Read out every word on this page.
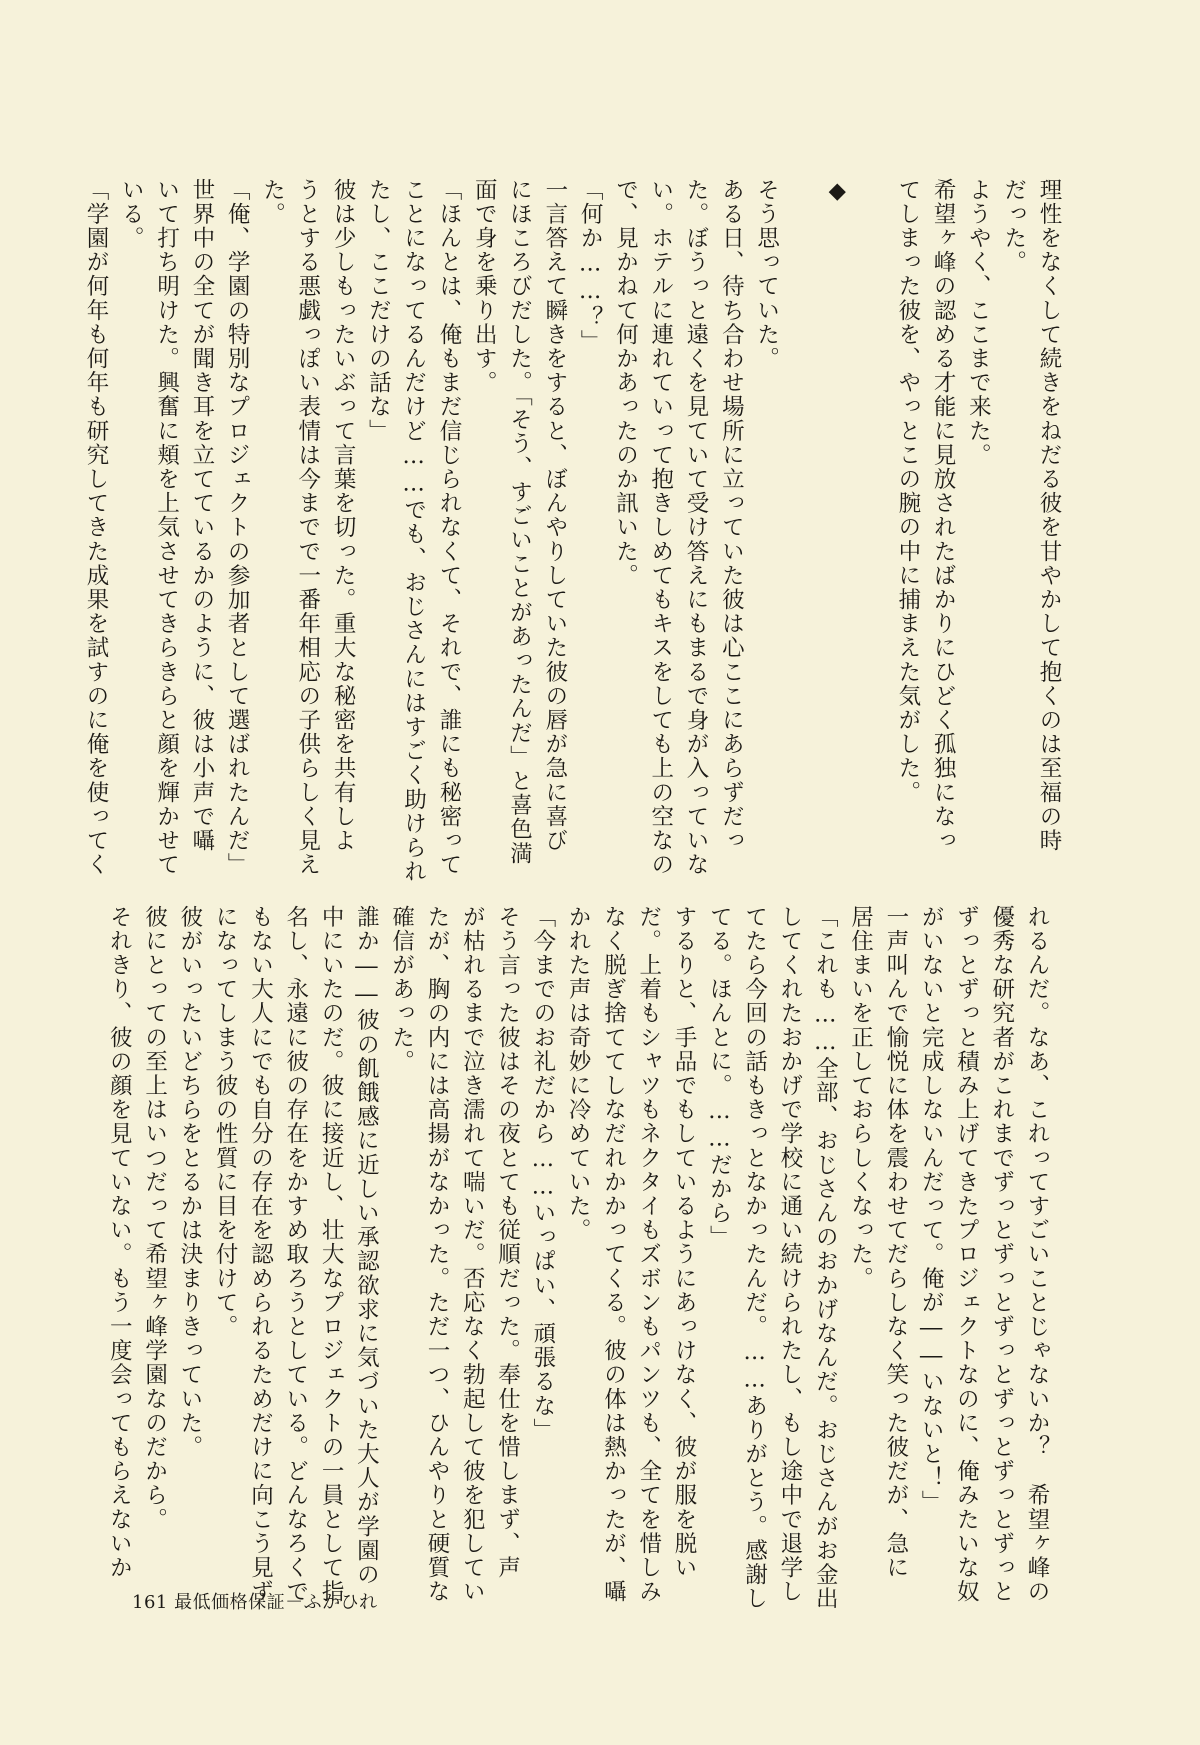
理性をなくして続きをねだる彼を甘やかして抱くのは至福の時
だった。
ようやく、ここまで来た。
希望ヶ峰の認める才能に見放されたばかりにひどく孤独になっ
てしまった彼を、やっとこの腕の中に捕まえた気がした。

◆

そう思っていた。
ある日、待ち合わせ場所に立っていた彼は心ここにあらずだっ
た。ぼうっと遠くを見ていて受け答えにもまるで身が入っていな
い。ホテルに連れていって抱きしめてもキスをしても上の空なの
で、見かねて何かあったのか訊いた。
「何か……？」
一言答えて瞬きをすると、ぼんやりしていた彼の唇が急に喜び
にほころびだした。「そう、すごいことがあったんだ」と喜色満
面で身を乗り出す。
「ほんとは、俺もまだ信じられなくて、それで、誰にも秘密って
ことになってるんだけど……でも、おじさんにはすごく助けられ
たし、ここだけの話な」
彼は少しもったいぶって言葉を切った。重大な秘密を共有しよ
うとする悪戯っぽい表情は今までで一番年相応の子供らしく見え
た。
「俺、学園の特別なプロジェクトの参加者として選ばれたんだ」
世界中の全てが聞き耳を立てているかのように、彼は小声で囁
いて打ち明けた。興奮に頬を上気させてきらきらと顔を輝かせて
いる。
「学園が何年も何年も研究してきた成果を試すのに俺を使ってく
れるんだ。なあ、これってすごいことじゃないか？　希望ヶ峰の
優秀な研究者がこれまでずっとずっとずっとずっとずっとずっと
ずっとずっと積み上げてきたプロジェクトなのに、俺みたいな奴
がいないと完成しないんだって。俺が――いないと！」
一声叫んで愉悦に体を震わせてだらしなく笑った彼だが、急に
居住まいを正しておらしくなった。
「これも……全部、おじさんのおかげなんだ。おじさんがお金出
してくれたおかげで学校に通い続けられたし、もし途中で退学し
てたら今回の話もきっとなかったんだ。……ありがとう。感謝し
てる。ほんとに。……だから」
するりと、手品でもしているようにあっけなく、彼が服を脱い
だ。上着もシャツもネクタイもズボンもパンツも、全てを惜しみ
なく脱ぎ捨ててしなだれかかってくる。彼の体は熱かったが、囁
かれた声は奇妙に冷めていた。
「今までのお礼だから……いっぱい、頑張るな」
そう言った彼はその夜とても従順だった。奉仕を惜しまず、声
が枯れるまで泣き濡れて喘いだ。否応なく勃起して彼を犯してい
たが、胸の内には高揚がなかった。ただ一つ、ひんやりと硬質な
確信があった。
誰か――彼の飢餓感に近しい承認欲求に気づいた大人が学園の
中にいたのだ。彼に接近し、壮大なプロジェクトの一員として指
名し、永遠に彼の存在をかすめ取ろうとしている。どんなろくで
もない大人にでも自分の存在を認められるためだけに向こう見ず
になってしまう彼の性質に目を付けて。
彼がいったいどちらをとるかは決まりきっていた。
彼にとっての至上はいつだって希望ヶ峰学園なのだから。
それきり、彼の顔を見ていない。もう一度会ってもらえないか
161 最低価格保証－ふかひれ
